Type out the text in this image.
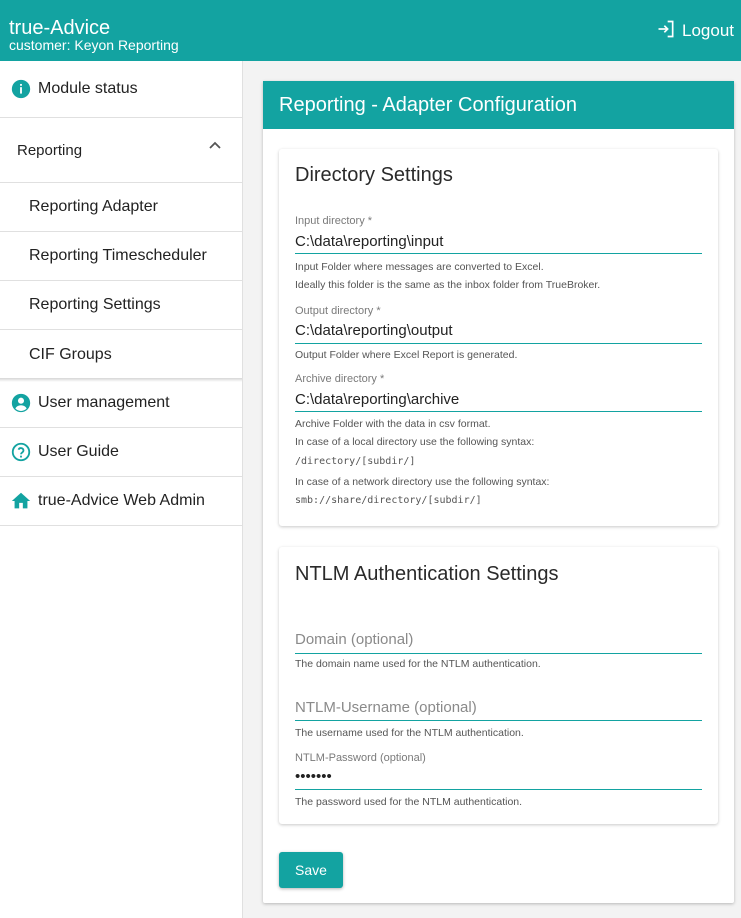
true-Advice
customer: Keyon Reporting
Logout
Module status
Reporting
Reporting Adapter
Reporting Timescheduler
Reporting Settings
CIF Groups
User management
User Guide
true-Advice Web Admin
Reporting - Adapter Configuration
Directory Settings
Input directory *
C:\data\reporting\input
Input Folder where messages are converted to Excel.
Ideally this folder is the same as the inbox folder from TrueBroker.
Output directory *
C:\data\reporting\output
Output Folder where Excel Report is generated.
Archive directory *
C:\data\reporting\archive
Archive Folder with the data in csv format.
In case of a local directory use the following syntax:
/directory/[subdir/]
In case of a network directory use the following syntax:
smb://share/directory/[subdir/]
NTLM Authentication Settings
Domain (optional)
The domain name used for the NTLM authentication.
NTLM-Username (optional)
The username used for the NTLM authentication.
NTLM-Password (optional)
•••••••
The password used for the NTLM authentication.
Save
